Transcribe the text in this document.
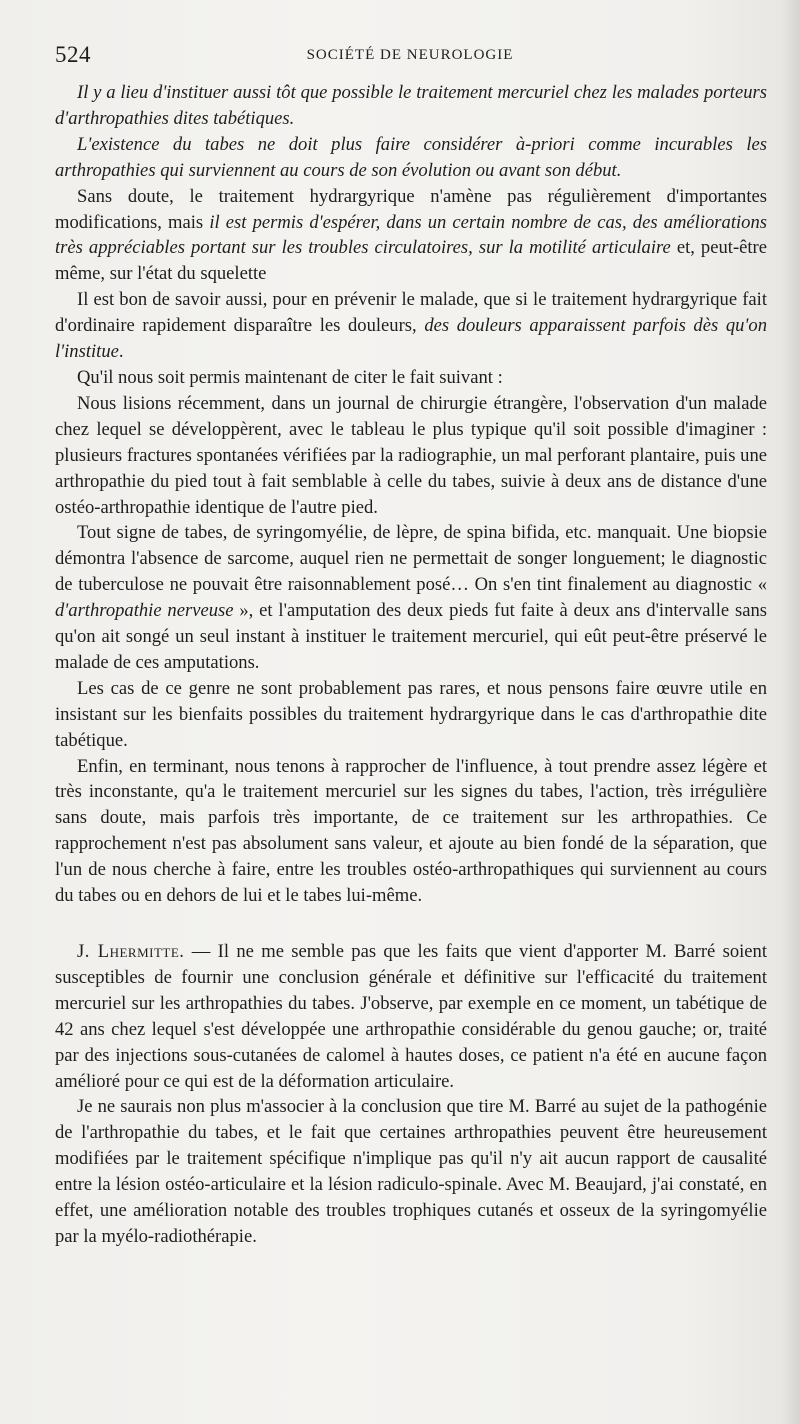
524	SOCIÉTÉ DE NEUROLOGIE

Il y a lieu d'instituer aussi tôt que possible le traitement mercuriel chez les malades porteurs d'arthropathies dites tabétiques.

L'existence du tabes ne doit plus faire considérer à-priori comme incurables les arthropathies qui surviennent au cours de son évolution ou avant son début.

Sans doute, le traitement hydrargyrique n'amène pas régulièrement d'importantes modifications, mais il est permis d'espérer, dans un certain nombre de cas, des améliorations très appréciables portant sur les troubles circulatoires, sur la motilité articulaire et, peut-être même, sur l'état du squelette

Il est bon de savoir aussi, pour en prévenir le malade, que si le traitement hydrargyrique fait d'ordinaire rapidement disparaître les douleurs, des douleurs apparaissent parfois dès qu'on l'institue.

Qu'il nous soit permis maintenant de citer le fait suivant :

Nous lisions récemment, dans un journal de chirurgie étrangère, l'observation d'un malade chez lequel se développèrent, avec le tableau le plus typique qu'il soit possible d'imaginer : plusieurs fractures spontanées vérifiées par la radiographie, un mal perforant plantaire, puis une arthropathie du pied tout à fait semblable à celle du tabes, suivie à deux ans de distance d'une ostéo-arthropathie identique de l'autre pied.

Tout signe de tabes, de syringomyélie, de lèpre, de spina bifida, etc. manquait. Une biopsie démontra l'absence de sarcome, auquel rien ne permettait de songer longuement; le diagnostic de tuberculose ne pouvait être raisonnablement posé… On s'en tint finalement au diagnostic « d'arthropathie nerveuse », et l'amputation des deux pieds fut faite à deux ans d'intervalle sans qu'on ait songé un seul instant à instituer le traitement mercuriel, qui eût peut-être préservé le malade de ces amputations.

Les cas de ce genre ne sont probablement pas rares, et nous pensons faire œuvre utile en insistant sur les bienfaits possibles du traitement hydrargyrique dans le cas d'arthropathie dite tabétique.

Enfin, en terminant, nous tenons à rapprocher de l'influence, à tout prendre assez légère et très inconstante, qu'a le traitement mercuriel sur les signes du tabes, l'action, très irrégulière sans doute, mais parfois très importante, de ce traitement sur les arthropathies. Ce rapprochement n'est pas absolument sans valeur, et ajoute au bien fondé de la séparation, que l'un de nous cherche à faire, entre les troubles ostéo-arthropathiques qui surviennent au cours du tabes ou en dehors de lui et le tabes lui-même.

J. Lhermitte. — Il ne me semble pas que les faits que vient d'apporter M. Barré soient susceptibles de fournir une conclusion générale et définitive sur l'efficacité du traitement mercuriel sur les arthropathies du tabes. J'observe, par exemple en ce moment, un tabétique de 42 ans chez lequel s'est développée une arthropathie considérable du genou gauche; or, traité par des injections sous-cutanées de calomel à hautes doses, ce patient n'a été en aucune façon amélioré pour ce qui est de la déformation articulaire.

Je ne saurais non plus m'associer à la conclusion que tire M. Barré au sujet de la pathogénie de l'arthropathie du tabes, et le fait que certaines arthropathies peuvent être heureusement modifiées par le traitement spécifique n'implique pas qu'il n'y ait aucun rapport de causalité entre la lésion ostéo-articulaire et la lésion radiculo-spinale. Avec M. Beaujard, j'ai constaté, en effet, une amélioration notable des troubles trophiques cutanés et osseux de la syringomyélie par la myélo-radiothérapie.
